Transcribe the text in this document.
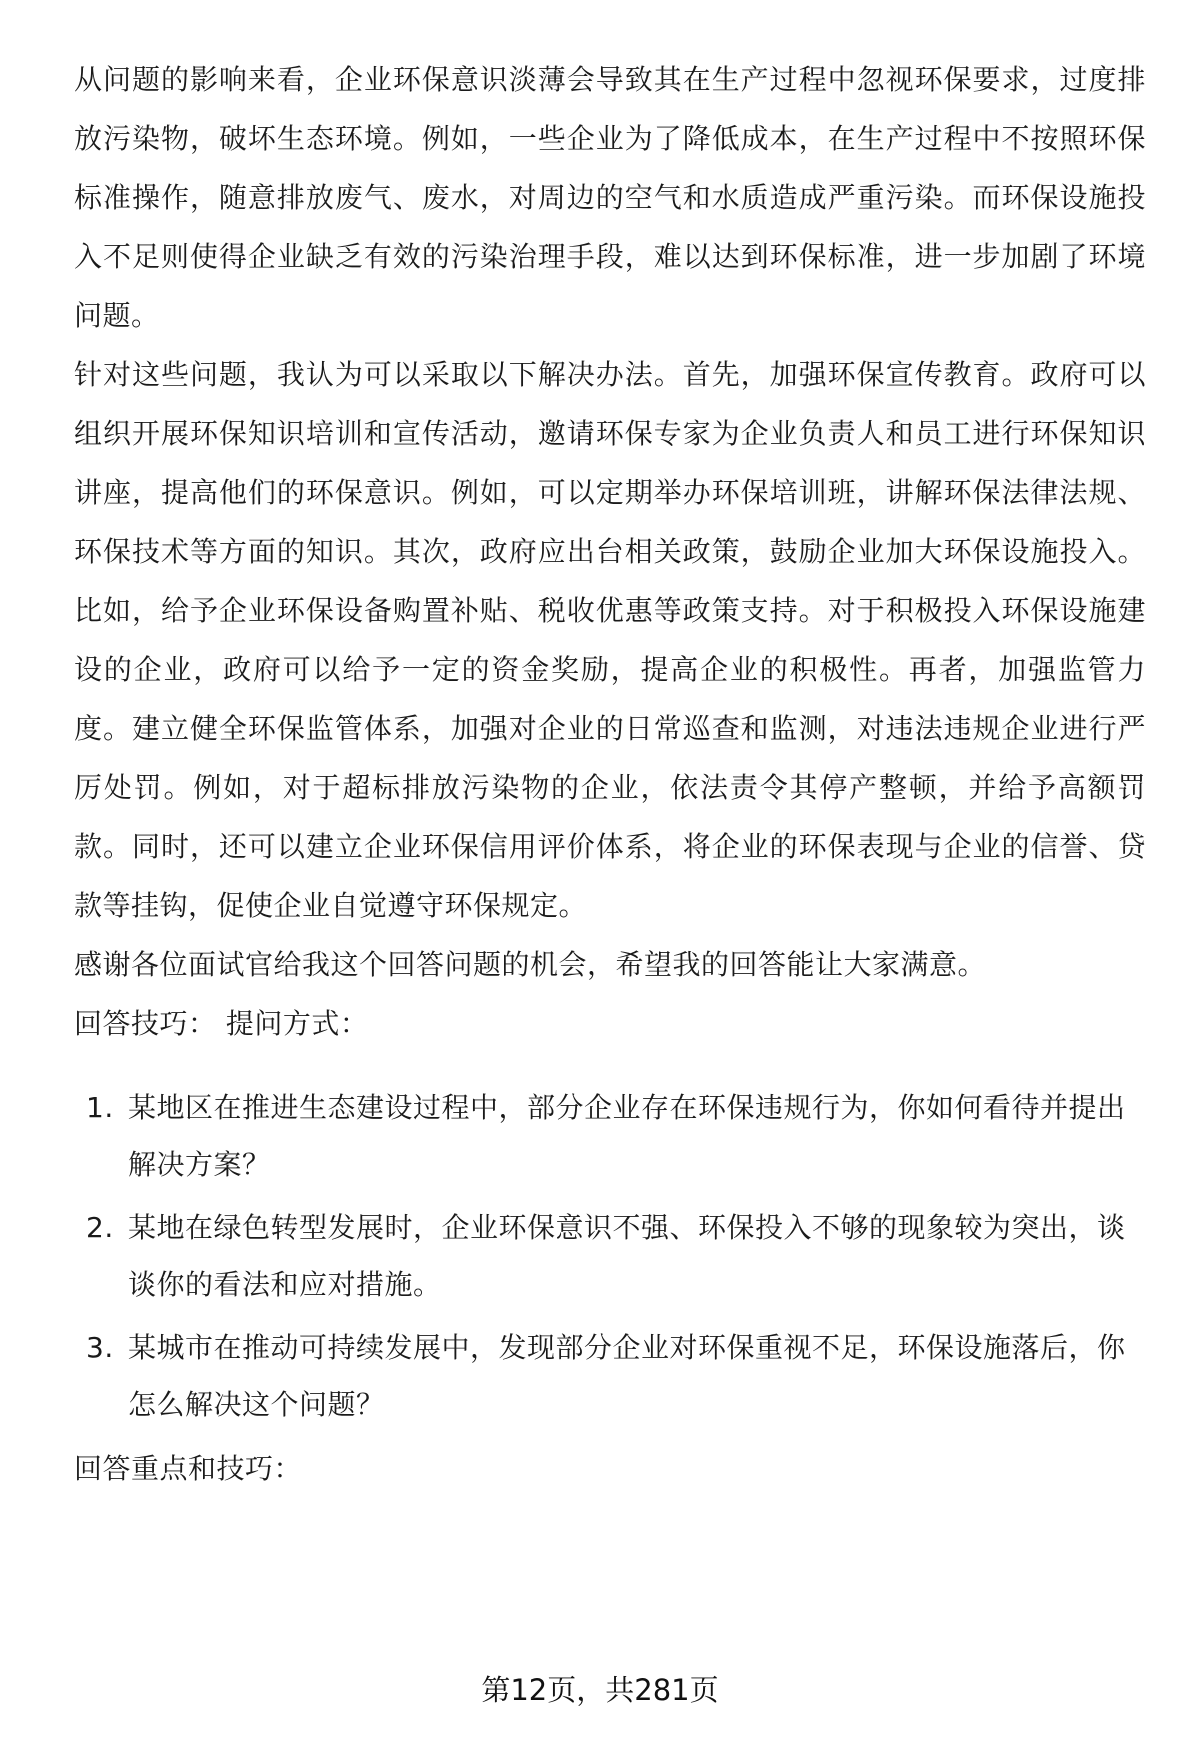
从问题的影响来看，企业环保意识淡薄会导致其在生产过程中忽视环保要求，过度排放污染物，破坏生态环境。例如，一些企业为了降低成本，在生产过程中不按照环保标准操作，随意排放废气、废水，对周边的空气和水质造成严重污染。而环保设施投入不足则使得企业缺乏有效的污染治理手段，难以达到环保标准，进一步加剧了环境问题。

针对这些问题，我认为可以采取以下解决办法。首先，加强环保宣传教育。政府可以组织开展环保知识培训和宣传活动，邀请环保专家为企业负责人和员工进行环保知识讲座，提高他们的环保意识。例如，可以定期举办环保培训班，讲解环保法律法规、环保技术等方面的知识。其次，政府应出台相关政策，鼓励企业加大环保设施投入。比如，给予企业环保设备购置补贴、税收优惠等政策支持。对于积极投入环保设施建设的企业，政府可以给予一定的资金奖励，提高企业的积极性。再者，加强监管力度。建立健全环保监管体系，加强对企业的日常巡查和监测，对违法违规企业进行严厉处罚。例如，对于超标排放污染物的企业，依法责令其停产整顿，并给予高额罚款。同时，还可以建立企业环保信用评价体系，将企业的环保表现与企业的信誉、贷款等挂钩，促使企业自觉遵守环保规定。

感谢各位面试官给我这个回答问题的机会，希望我的回答能让大家满意。

回答技巧： 提问方式：

1. 某地区在推进生态建设过程中，部分企业存在环保违规行为，你如何看待并提出解决方案？
2. 某地在绿色转型发展时，企业环保意识不强、环保投入不够的现象较为突出，谈谈你的看法和应对措施。
3. 某城市在推动可持续发展中，发现部分企业对环保重视不足，环保设施落后，你怎么解决这个问题？

回答重点和技巧：

第12页，共281页
